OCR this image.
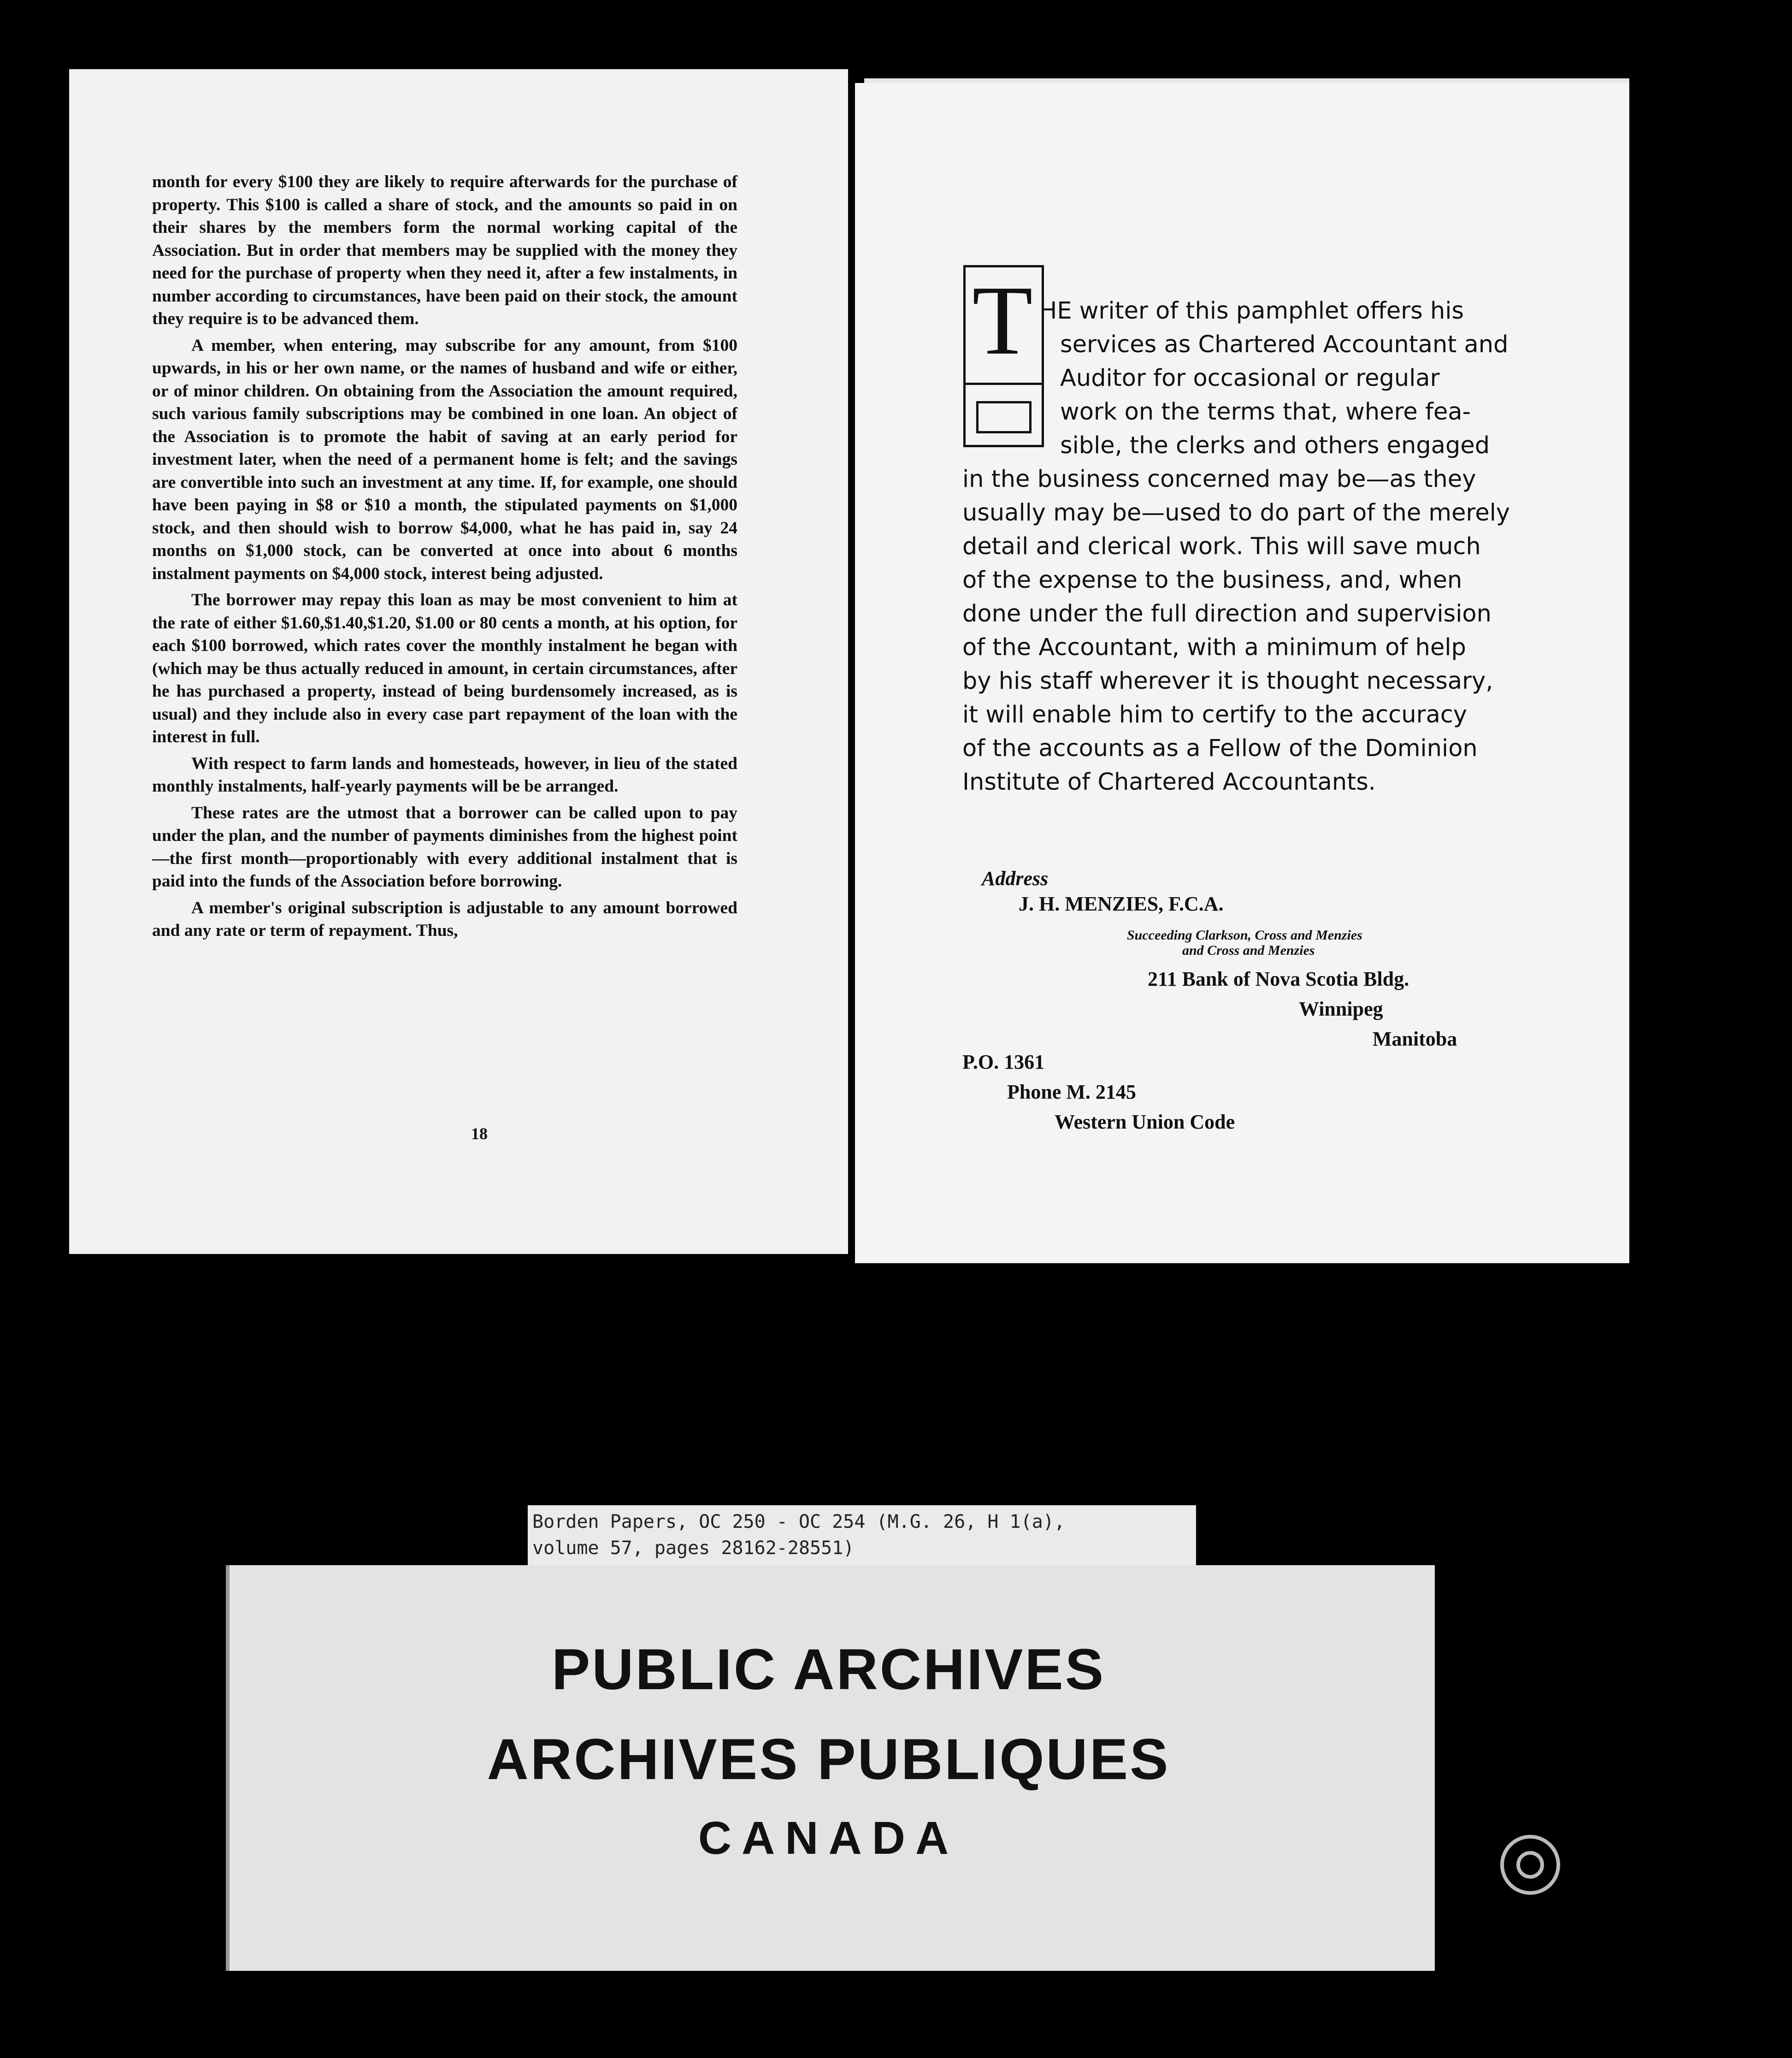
month for every $100 they are likely to require afterwards for the purchase of property. This $100 is called a share of stock, and the amounts so paid in on their shares by the members form the normal working capital of the Association. But in order that members may be supplied with the money they need for the purchase of property when they need it, after a few instalments, in number according to circumstances, have been paid on their stock, the amount they require is to be advanced them.

A member, when entering, may subscribe for any amount, from $100 upwards, in his or her own name, or the names of husband and wife or either, or of minor children. On obtaining from the Association the amount required, such various family subscriptions may be combined in one loan. An object of the Association is to promote the habit of saving at an early period for investment later, when the need of a permanent home is felt; and the savings are convertible into such an investment at any time. If, for example, one should have been paying in $8 or $10 a month, the stipulated payments on $1,000 stock, and then should wish to borrow $4,000, what he has paid in, say 24 months on $1,000 stock, can be converted at once into about 6 months instalment payments on $4,000 stock, interest being adjusted.

The borrower may repay this loan as may be most convenient to him at the rate of either $1.60,$1.40,$1.20, $1.00 or 80 cents a month, at his option, for each $100 borrowed, which rates cover the monthly instalment he began with (which may be thus actually reduced in amount, in certain circumstances, after he has purchased a property, instead of being burdensomely increased, as is usual) and they include also in every case part repayment of the loan with the interest in full.

With respect to farm lands and homesteads, however, in lieu of the stated monthly instalments, half-yearly payments will be be arranged.

These rates are the utmost that a borrower can be called upon to pay under the plan, and the number of payments diminishes from the highest point—the first month—proportionably with every additional instalment that is paid into the funds of the Association before borrowing.

A member's original subscription is adjustable to any amount borrowed and any rate or term of repayment. Thus,

18
T HE writer of this pamphlet offers his
services as Chartered Accountant and
Auditor for occasional or regular
work on the terms that, where fea-
sible, the clerks and others engaged
in the business concerned may be—as they
usually may be—used to do part of the merely
detail and clerical work. This will save much
of the expense to the business, and, when
done under the full direction and supervision
of the Accountant, with a minimum of help
by his staff wherever it is thought necessary,
it will enable him to certify to the accuracy
of the accounts as a Fellow of the Dominion
Institute of Chartered Accountants.
Address
J. H. MENZIES, F.C.A.
Succeeding Clarkson, Cross and Menzies
and Cross and Menzies
211 Bank of Nova Scotia Bldg.
Winnipeg
Manitoba
P.O. 1361
Phone M. 2145
Western Union Code
Borden Papers, OC 250 - OC 254 (M.G. 26, H 1(a),
volume 57, pages 28162-28551)
PUBLIC ARCHIVES
ARCHIVES PUBLIQUES
CANADA
